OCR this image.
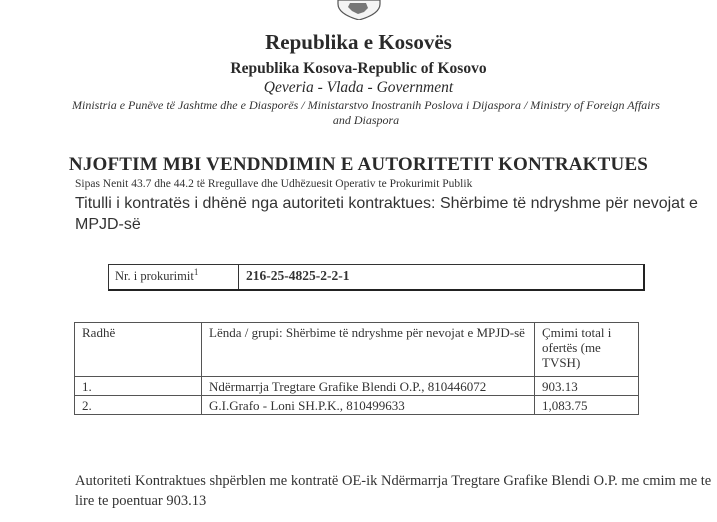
Republika e Kosovës
Republika Kosova-Republic of Kosovo
Qeveria - Vlada - Government
Ministria e Punëve të Jashtme dhe e Diasporës / Ministarstvo Inostranih Poslova i Dijaspora / Ministry of Foreign Affairs and Diaspora
NJOFTIM MBI VENDNDIMIN E AUTORITETIT KONTRAKTUES
Sipas Nenit 43.7 dhe 44.2 të Rregullave dhe Udhëzuesit Operativ te Prokurimit Publik
Titulli i kontratës i dhënë nga autoriteti kontraktues: Shërbime të ndryshme për nevojat e MPJD-së
Nr. i prokurimit$^1$	216-25-4825-2-2-1
Radhë	Lënda / grupi: Shërbime të ndryshme për nevojat e MPJD-së	Çmimi total i ofertës (me TVSH)
1.	Ndërmarrja Tregtare Grafike Blendi O.P., 810446072	903.13
2.	G.I.Grafo - Loni SH.P.K., 810499633	1,083.75
Autoriteti Kontraktues shpërblen me kontratë OE-ik Ndërmarrja Tregtare Grafike Blendi O.P. me cmim me te lire te poentuar 903.13
